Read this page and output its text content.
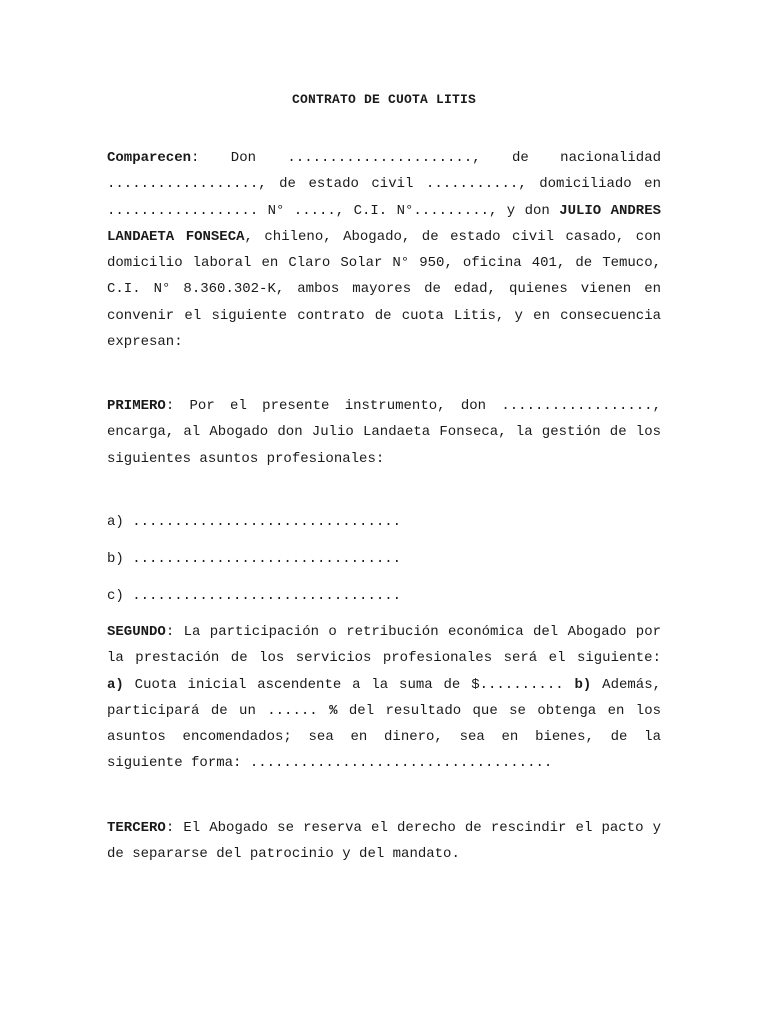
CONTRATO DE CUOTA LITIS

Comparecen: Don ......................, de nacionalidad .................., de estado civil ..........., domiciliado en .................. N° ....., C.I. N°........., y don JULIO ANDRES LANDAETA FONSECA, chileno, Abogado, de estado civil casado, con domicilio laboral en Claro Solar N° 950, oficina 401, de Temuco, C.I. N° 8.360.302-K, ambos mayores de edad, quienes vienen en convenir el siguiente contrato de cuota Litis, y en consecuencia expresan:

PRIMERO: Por el presente instrumento, don .................., encarga, al Abogado don Julio Landaeta Fonseca, la gestión de los siguientes asuntos profesionales:

a) ................................
b) ................................
c) ................................

SEGUNDO: La participación o retribución económica del Abogado por la prestación de los servicios profesionales será el siguiente: a) Cuota inicial ascendente a la suma de $.......... b) Además, participará de un ...... % del resultado que se obtenga en los asuntos encomendados; sea en dinero, sea en bienes, de la siguiente forma: ....................................

TERCERO: El Abogado se reserva el derecho de rescindir el pacto y de separarse del patrocinio y del mandato.
